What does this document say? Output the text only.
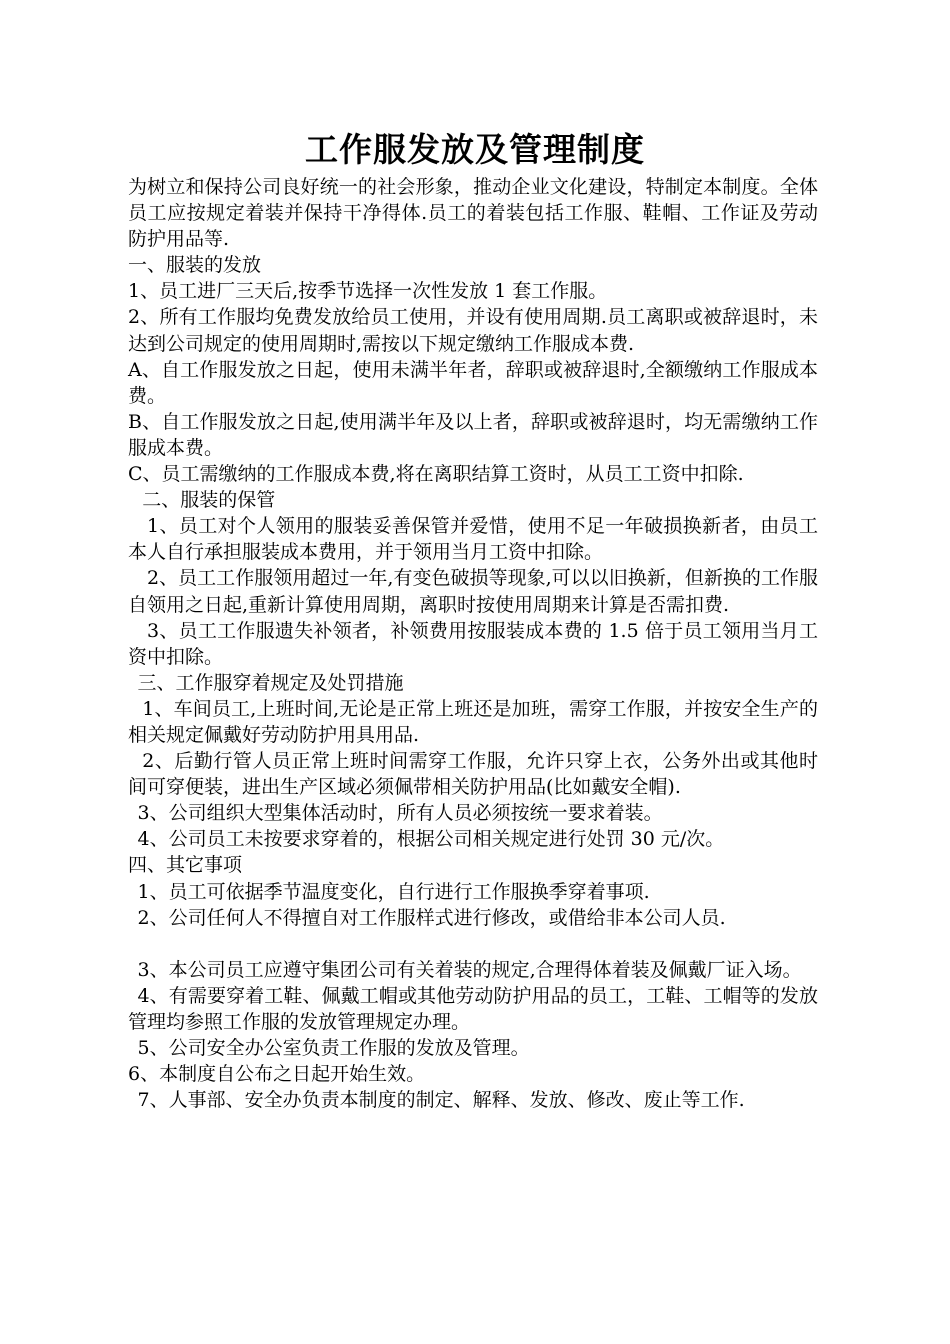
工作服发放及管理制度

为树立和保持公司良好统一的社会形象，推动企业文化建设，特制定本制度。全体员工应按规定着装并保持干净得体.员工的着装包括工作服、鞋帽、工作证及劳动防护用品等.

一、服装的发放

1、员工进厂三天后,按季节选择一次性发放 1 套工作服。

2、所有工作服均免费发放给员工使用，并设有使用周期.员工离职或被辞退时，未达到公司规定的使用周期时,需按以下规定缴纳工作服成本费.

A、自工作服发放之日起，使用未满半年者，辞职或被辞退时,全额缴纳工作服成本费。

B、自工作服发放之日起,使用满半年及以上者，辞职或被辞退时，均无需缴纳工作服成本费。

C、员工需缴纳的工作服成本费,将在离职结算工资时，从员工工资中扣除.

二、服装的保管

1、员工对个人领用的服装妥善保管并爱惜，使用不足一年破损换新者，由员工本人自行承担服装成本费用，并于领用当月工资中扣除。

2、员工工作服领用超过一年,有变色破损等现象,可以以旧换新，但新换的工作服自领用之日起,重新计算使用周期，离职时按使用周期来计算是否需扣费.

3、员工工作服遗失补领者，补领费用按服装成本费的 1.5 倍于员工领用当月工资中扣除。

三、工作服穿着规定及处罚措施

1、车间员工,上班时间,无论是正常上班还是加班，需穿工作服，并按安全生产的相关规定佩戴好劳动防护用具用品.

2、后勤行管人员正常上班时间需穿工作服，允许只穿上衣，公务外出或其他时间可穿便装，进出生产区域必须佩带相关防护用品(比如戴安全帽).

3、公司组织大型集体活动时，所有人员必须按统一要求着装。

4、公司员工未按要求穿着的，根据公司相关规定进行处罚 30 元/次。

四、其它事项

1、员工可依据季节温度变化，自行进行工作服换季穿着事项.

2、公司任何人不得擅自对工作服样式进行修改，或借给非本公司人员.

3、本公司员工应遵守集团公司有关着装的规定,合理得体着装及佩戴厂证入场。

4、有需要穿着工鞋、佩戴工帽或其他劳动防护用品的员工，工鞋、工帽等的发放管理均参照工作服的发放管理规定办理。

5、公司安全办公室负责工作服的发放及管理。

6、本制度自公布之日起开始生效。

7、人事部、安全办负责本制度的制定、解释、发放、修改、废止等工作.
